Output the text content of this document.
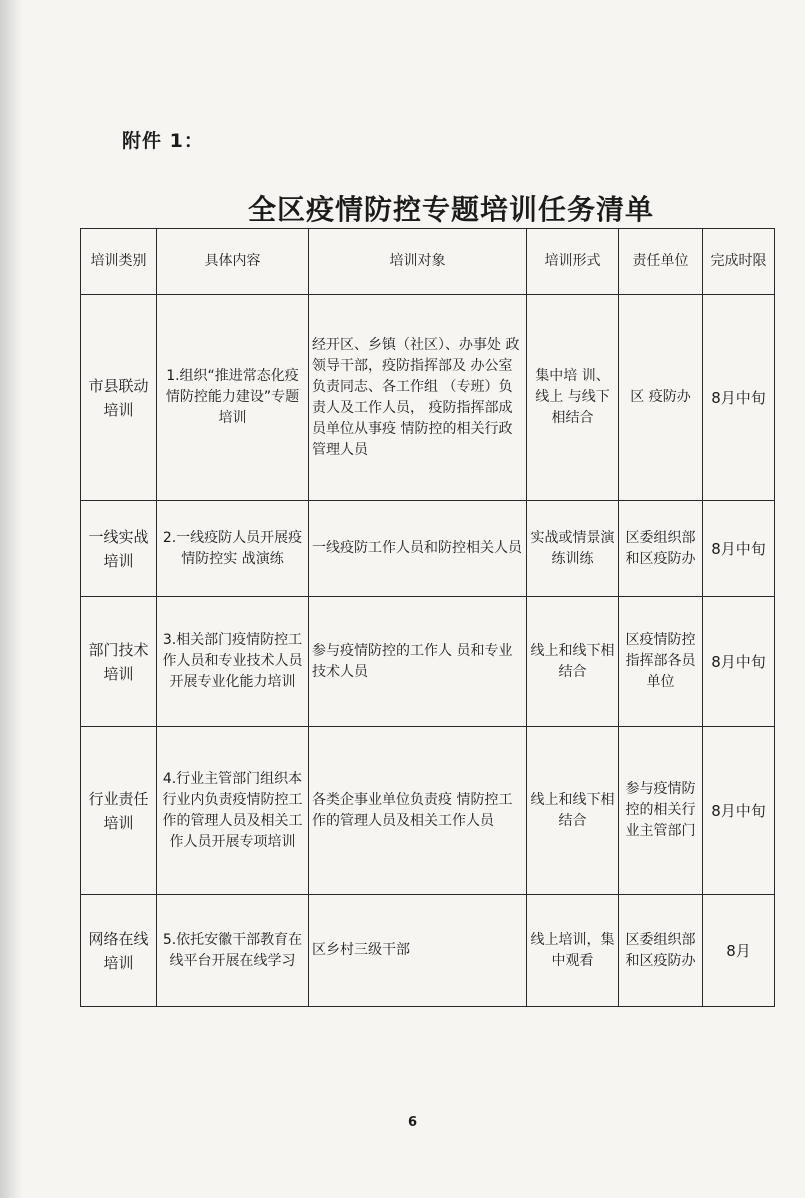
附件 1：
全区疫情防控专题培训任务清单
培训类别	具体内容	培训对象	培训形式	责任单位	完成时限
市县联动培训	1.组织“推进常态化疫情防控能力建设”专题培训	经开区、乡镇（社区）、办事处 政领导干部，疫防指挥部及 办公室负责同志、各工作组 （专班）负责人及工作人员， 疫防指挥部成员单位从事疫 情防控的相关行政管理人员	集中培 训、线上 与线下相结合	区 疫防办	8月中旬
一线实战培训	2.一线疫防人员开展疫情防控实 战演练	一线疫防工作人员和防控相关人员	实战或情景演练训练	区委组织部和区疫防办	8月中旬
部门技术培训	3.相关部门疫情防控工作人员和专业技术人员开展专业化能力培训	参与疫情防控的工作人 员和专业技术人员	线上和线下相结合	区疫情防控指挥部各员单位	8月中旬
行业责任培训	4.行业主管部门组织本行业内负责疫情防控工作的管理人员及相关工作人员开展专项培训	各类企事业单位负责疫 情防控工作的管理人员及相关工作人员	线上和线下相结合	参与疫情防控的相关行业主管部门	8月中旬
网络在线培训	5.依托安徽干部教育在线平台开展在线学习	区乡村三级干部	线上培训，集中观看	区委组织部和区疫防办	8月
6
